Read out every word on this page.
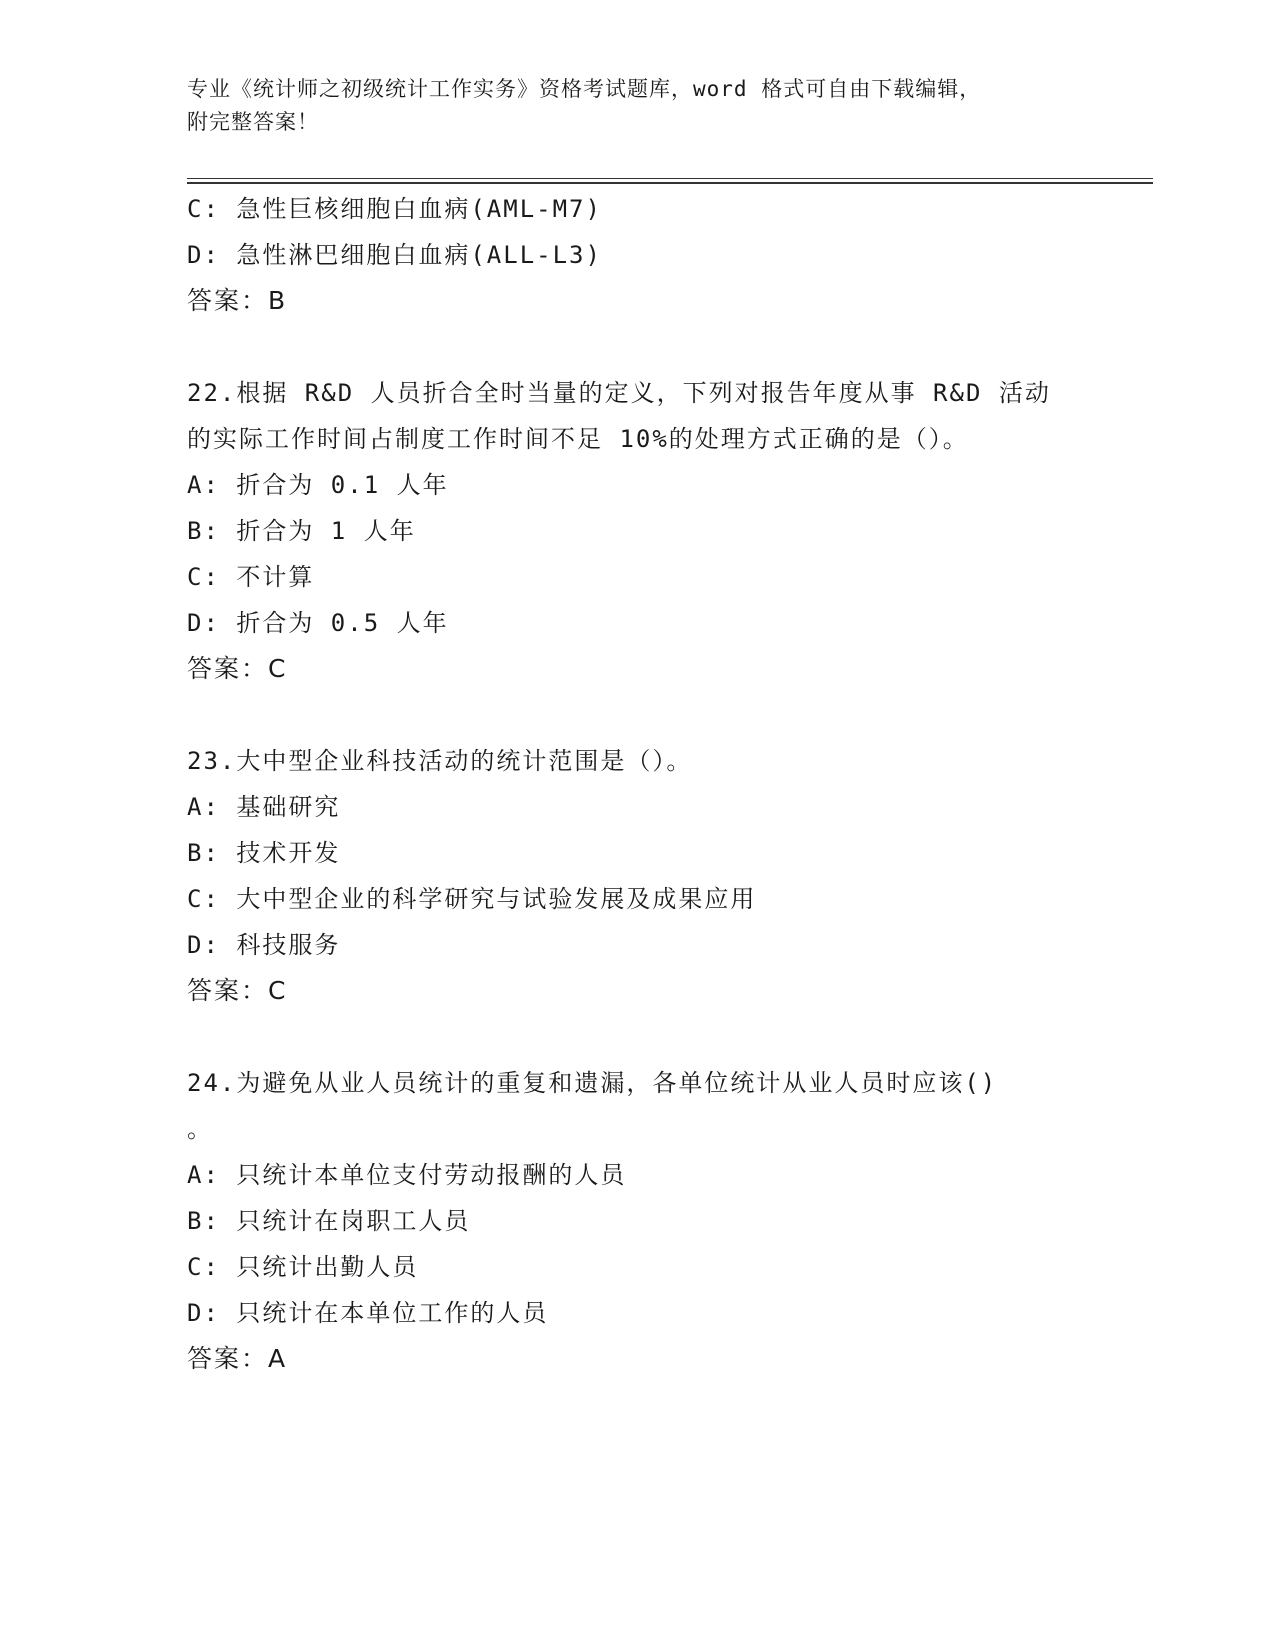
专业《统计师之初级统计工作实务》资格考试题库，word 格式可自由下载编辑，
附完整答案！
C: 急性巨核细胞白血病(AML-M7)
D: 急性淋巴细胞白血病(ALL-L3)
答案：B
22.根据 R&D 人员折合全时当量的定义，下列对报告年度从事 R&D 活动
的实际工作时间占制度工作时间不足 10%的处理方式正确的是（）。
A: 折合为 0.1 人年
B: 折合为 1 人年
C: 不计算
D: 折合为 0.5 人年
答案：C
23.大中型企业科技活动的统计范围是（）。
A: 基础研究
B: 技术开发
C: 大中型企业的科学研究与试验发展及成果应用
D: 科技服务
答案：C
24.为避免从业人员统计的重复和遗漏，各单位统计从业人员时应该()
。
A: 只统计本单位支付劳动报酬的人员
B: 只统计在岗职工人员
C: 只统计出勤人员
D: 只统计在本单位工作的人员
答案：A
